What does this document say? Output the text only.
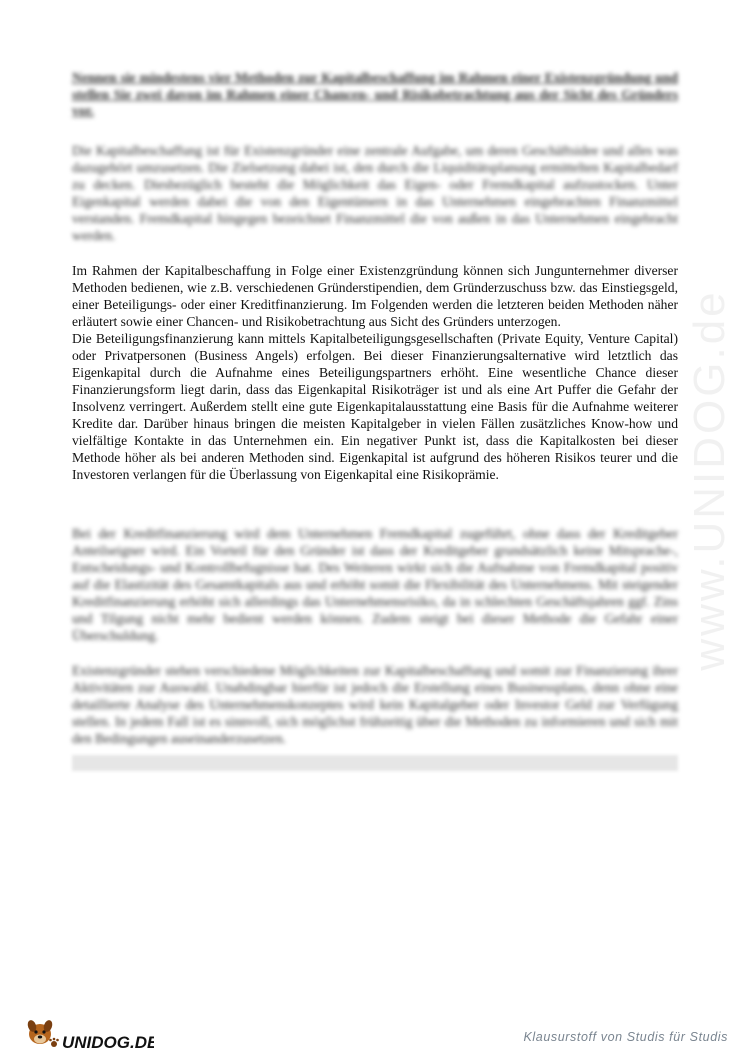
Nennen sie mindestens vier Methoden zur Kapitalbeschaffung im Rahmen einer Existenzgründung und stellen Sie zwei davon im Rahmen einer Chancen- und Risikobetrachtung aus der Sicht des Gründers vor.
Die Kapitalbeschaffung ist für Existenzgründer eine zentrale Aufgabe, um deren Geschäftsidee und alles was dazugehört umzusetzen. Die Zielsetzung dabei ist, den durch die Liquiditätsplanung ermittelten Kapitalbedarf zu decken. Diesbezüglich besteht die Möglichkeit das Eigen- oder Fremdkapital aufzustocken. Unter Eigenkapital werden dabei die von den Eigentümern in das Unternehmen eingebrachten Finanzmittel verstanden. Fremdkapital hingegen bezeichnet Finanzmittel die von außen in das Unternehmen eingebracht werden.

Im Rahmen der Kapitalbeschaffung in Folge einer Existenzgründung können sich Jungunternehmer diverser Methoden bedienen, wie z.B. verschiedenen Gründerstipendien, dem Gründerzuschuss bzw. das Einstiegsgeld, einer Beteiligungs- oder einer Kreditfinanzierung. Im Folgenden werden die letzteren beiden Methoden näher erläutert sowie einer Chancen- und Risikobetrachtung aus Sicht des Gründers unterzogen.

Die Beteiligungsfinanzierung kann mittels Kapitalbeteiligungsgesellschaften (Private Equity, Venture Capital) oder Privatpersonen (Business Angels) erfolgen. Bei dieser Finanzierungsalternative wird letztlich das Eigenkapital durch die Aufnahme eines Beteiligungspartners erhöht. Eine wesentliche Chance dieser Finanzierungsform liegt darin, dass das Eigenkapital Risikoträger ist und als eine Art Puffer die Gefahr der Insolvenz verringert. Außerdem stellt eine gute Eigenkapitalausstattung eine Basis für die Aufnahme weiterer Kredite dar. Darüber hinaus bringen die meisten Kapitalgeber in vielen Fällen zusätzliches Know-how und vielfältige Kontakte in das Unternehmen ein. Ein negativer Punkt ist, dass die Kapitalkosten bei dieser Methode höher als bei anderen Methoden sind. Eigenkapital ist aufgrund des höheren Risikos teurer und die Investoren verlangen für die Überlassung von Eigenkapital eine Risikoprämie.

Bei der Kreditfinanzierung wird dem Unternehmen Fremdkapital zugeführt, ohne dass der Kreditgeber Anteilseigner wird. Ein Vorteil für den Gründer ist dass der Kreditgeber grundsätzlich keine Mitsprache-, Entscheidungs- und Kontrollbefugnisse hat. Des Weiteren wirkt sich die Aufnahme von Fremdkapital positiv auf die Elastizität des Gesamtkapitals aus und erhöht somit die Flexibilität des Unternehmens. Mit steigender Kreditfinanzierung erhöht sich allerdings das Unternehmensrisiko, da in schlechten Geschäftsjahren ggf. Zins und Tilgung nicht mehr bedient werden können. Zudem steigt bei dieser Methode die Gefahr einer Überschuldung.
Existenzgründer stehen verschiedene Möglichkeiten zur Kapitalbeschaffung und somit zur Finanzierung ihrer Aktivitäten zur Auswahl. Unabdingbar hierfür ist jedoch die Erstellung eines Businessplans, denn ohne eine detaillierte Analyse des Unternehmenskonzeptes wird kein Kapitalgeber oder Investor Geld zur Verfügung stellen. In jedem Fall ist es sinnvoll, sich möglichst frühzeitig über die Methoden zu informieren und sich mit den Bedingungen auseinanderzusetzen.
www.UNIDOG.de
UNIDOG.DE	Klausurstoff von Studis für Studis
